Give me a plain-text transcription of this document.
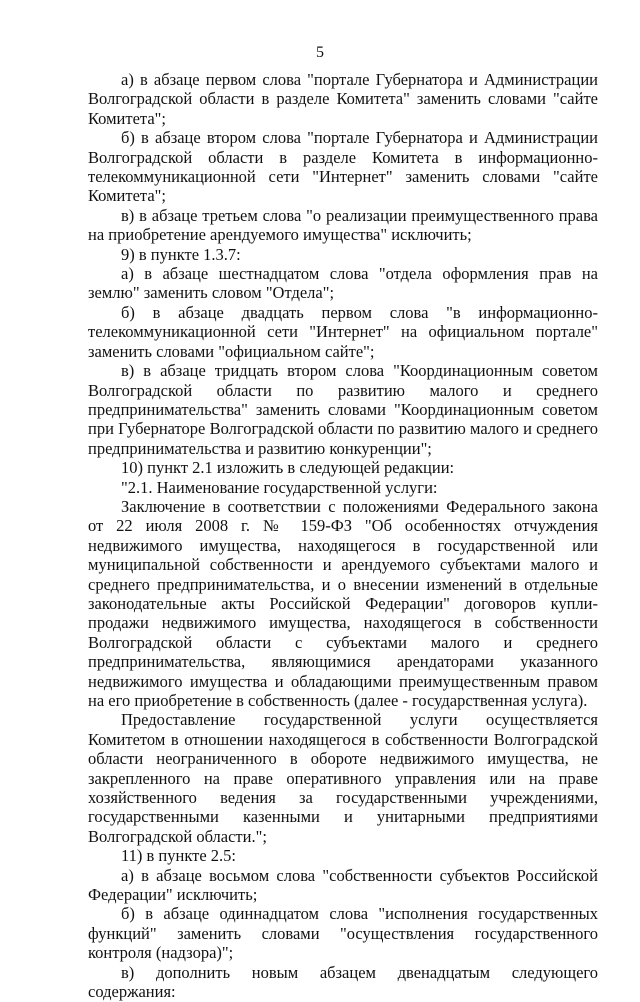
5

а) в абзаце первом слова "портале Губернатора и Администрации Волгоградской области в разделе Комитета" заменить словами "сайте Комитета";

б) в абзаце втором слова "портале Губернатора и Администрации Волгоградской области в разделе Комитета в информационно-телекоммуникационной сети "Интернет" заменить словами "сайте Комитета";

в) в абзаце третьем слова "о реализации преимущественного права на приобретение арендуемого имущества" исключить;

9) в пункте 1.3.7:

а) в абзаце шестнадцатом слова "отдела оформления прав на землю" заменить словом "Отдела";

б) в абзаце двадцать первом слова "в информационно-телекоммуникационной сети "Интернет" на официальном портале" заменить словами "официальном сайте";

в) в абзаце тридцать втором слова "Координационным советом Волгоградской области по развитию малого и среднего предпринимательства" заменить словами "Координационным советом при Губернаторе Волгоградской области по развитию малого и среднего предпринимательства и развитию конкуренции";

10) пункт 2.1 изложить в следующей редакции:

"2.1. Наименование государственной услуги:

Заключение в соответствии с положениями Федерального закона от 22 июля 2008 г. № 159-ФЗ "Об особенностях отчуждения недвижимого имущества, находящегося в государственной или муниципальной собственности и арендуемого субъектами малого и среднего предпринимательства, и о внесении изменений в отдельные законодательные акты Российской Федерации" договоров купли-продажи недвижимого имущества, находящегося в собственности Волгоградской области с субъектами малого и среднего предпринимательства, являющимися арендаторами указанного недвижимого имущества и обладающими преимущественным правом на его приобретение в собственность (далее - государственная услуга).

Предоставление государственной услуги осуществляется Комитетом в отношении находящегося в собственности Волгоградской области неограниченного в обороте недвижимого имущества, не закрепленного на праве оперативного управления или на праве хозяйственного ведения за государственными учреждениями, государственными казенными и унитарными предприятиями Волгоградской области.";

11) в пункте 2.5:

а) в абзаце восьмом слова "собственности субъектов Российской Федерации" исключить;

б) в абзаце одиннадцатом слова "исполнения государственных функций" заменить словами "осуществления государственного контроля (надзора)";

в) дополнить новым абзацем двенадцатым следующего содержания:
